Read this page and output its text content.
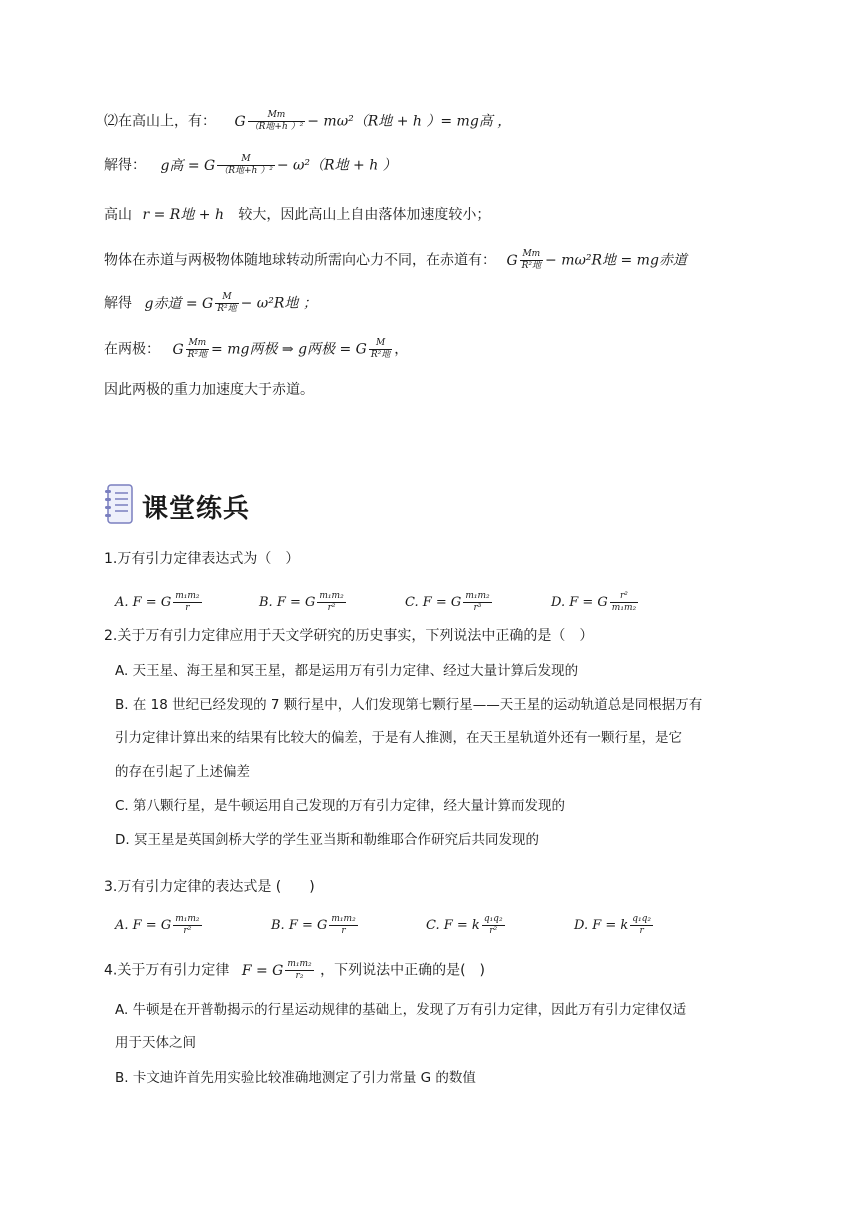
⑵在高山上，有： G $\frac{Mm}{\text{（R地+h ）²}} - m\omega^2(R$地 + h ）= mg高 ，
解得： g高 = G $\frac{M}{\text{（R地+h ）²}} - \omega^2(R$地 + h ）
高山 r = R地 + h 较大，因此高山上自由落体加速度较小；
物体在赤道与两极物体随地球转动所需向心力不同，在赤道有： G $\frac{Mm}{\text{R²地}} - m\omega^2R$地 = mg赤道
解得 g赤道 = G $\frac{M}{\text{R²地}} - \omega^2R$地 ；
在两极： G $\frac{Mm}{\text{R²地}}$ = mg两极 ⇒ g两极 = G $\frac{M}{\text{R²地}}$ ，
因此两极的重力加速度大于赤道。
课堂练兵
1.万有引力定律表达式为（　）
A. F = G $\frac{\text{m₁m₂}}{r}$	B. F = G $\frac{\text{m₁m₂}}{\text{r²}}$	C. F = G $\frac{\text{m₁m₂}}{\text{r³}}$	D. F = G $\frac{\text{r²}}{\text{m₁m₂}}$
2.关于万有引力定律应用于天文学研究的历史事实，下列说法中正确的是（　）
A. 天王星、海王星和冥王星，都是运用万有引力定律、经过大量计算后发现的
B. 在 18 世纪已经发现的 7 颗行星中，人们发现第七颗行星——天王星的运动轨道总是同根据万有
引力定律计算出来的结果有比较大的偏差，于是有人推测，在天王星轨道外还有一颗行星，是它
的存在引起了上述偏差
C. 第八颗行星，是牛顿运用自己发现的万有引力定律，经大量计算而发现的
D. 冥王星是英国剑桥大学的学生亚当斯和勒维耶合作研究后共同发现的
3.万有引力定律的表达式是 (　　)
A. F = G $\frac{\text{m₁m₂}}{\text{r²}}$	B. F = G $\frac{\text{m₁m₂}}{r}$	C. F = k $\frac{\text{q₁q₂}}{\text{r²}}$	D. F = k $\frac{\text{q₁q₂}}{r}$
4.关于万有引力定律 F = G $\frac{\text{m₁m₂}}{\text{r₂}}$ ，下列说法中正确的是(　)
A. 牛顿是在开普勒揭示的行星运动规律的基础上，发现了万有引力定律，因此万有引力定律仅适
用于天体之间
B. 卡文迪许首先用实验比较准确地测定了引力常量 G 的数值
